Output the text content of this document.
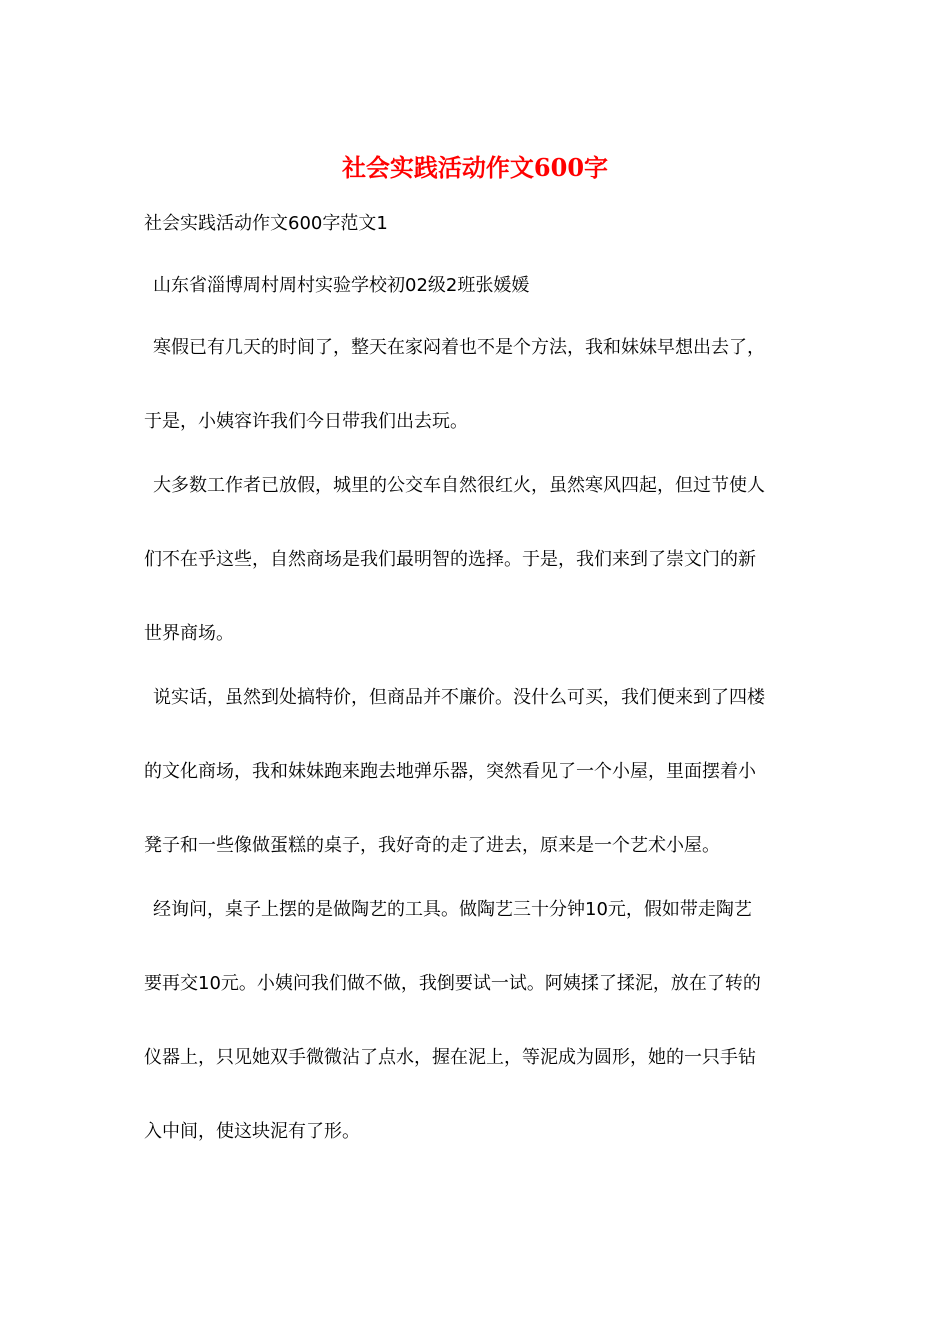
社会实践活动作文600字

社会实践活动作文600字范文1

山东省淄博周村周村实验学校初02级2班张媛媛

寒假已有几天的时间了，整天在家闷着也不是个方法，我和妹妹早想出去了，

于是，小姨容许我们今日带我们出去玩。

大多数工作者已放假，城里的公交车自然很红火，虽然寒风四起，但过节使人

们不在乎这些，自然商场是我们最明智的选择。于是，我们来到了崇文门的新

世界商场。

说实话，虽然到处搞特价，但商品并不廉价。没什么可买，我们便来到了四楼

的文化商场，我和妹妹跑来跑去地弹乐器，突然看见了一个小屋，里面摆着小

凳子和一些像做蛋糕的桌子，我好奇的走了进去，原来是一个艺术小屋。

经询问，桌子上摆的是做陶艺的工具。做陶艺三十分钟10元，假如带走陶艺

要再交10元。小姨问我们做不做，我倒要试一试。阿姨揉了揉泥，放在了转的

仪器上，只见她双手微微沾了点水，握在泥上，等泥成为圆形，她的一只手钻

入中间，使这块泥有了形。
